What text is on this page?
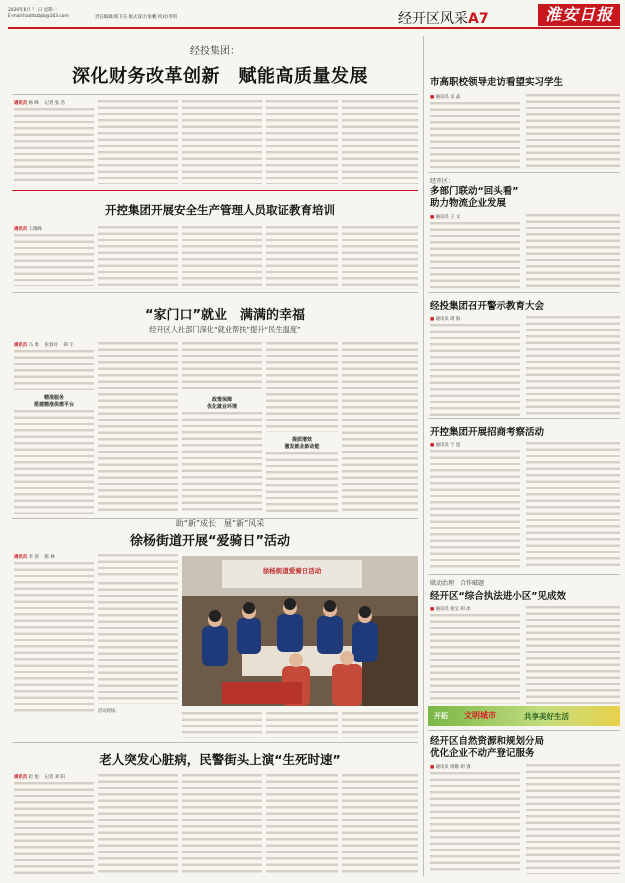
2020年6月 ？ 日 星期一
E-mail:hadrbzbjb@163.com	责任编辑/郑卫东 版式设计/张鹏 校对/李明	经开区风采A7	淮安日报
经投集团：
深化财务改革创新　赋能高质量发展
通讯员 杨 峰　 记者 张 浩
开控集团开展安全生产管理人员取证教育培训
通讯员 王晓峰
“家门口”就业　满满的幸福
经开区人社部门深化“就业帮扶”提升“民生温度”
通讯员 马 勇　 张春玲　 韩 宇
精准服务
搭建精准供需平台
政策保障
优化就业环境
提质增效
激发就业新动能
助“新”成长　展“新”风采
徐杨街道开展“爱骑日”活动
通讯员 李 茜　 陈 林
徐杨街道爱骑日活动
活动现场。
老人突发心脏病，民警街头上演“生死时速”
通讯员 赵 旭　 记者 刘 阳
市高职校领导走访看望实习学生
■ 通讯员 吴 晶
经开区：
多部门联动“回头看”
助力物流企业发展
■ 通讯员 王 文
经投集团召开警示教育大会
■ 通讯员 周 海
开控集团开展招商考察活动
■ 通讯员 宁 思
联动治理　合作破题
经开区“综合执法进小区”见成效
■ 通讯员 张宝 胡 冰
开拓 文明城市	共享美好生活
经开区自然资源和规划分局
优化企业不动产登记服务
■ 通讯员 周敬 胡 睿
